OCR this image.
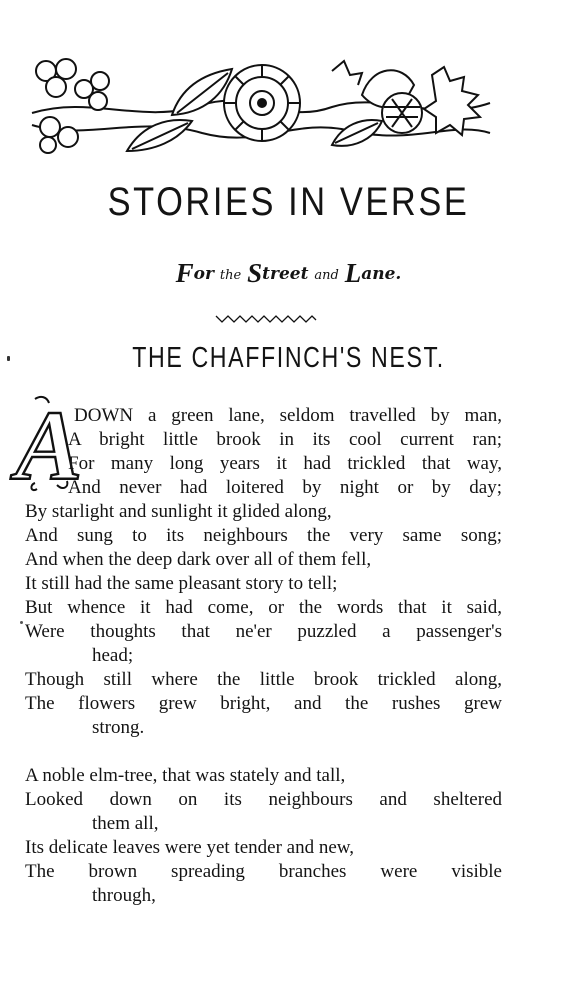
STORIES IN VERSE

For the Street and Lane.

THE CHAFFINCH'S NEST.
A

DOWN a green lane, seldom travelled by man,

A bright little brook in its cool current ran;

For many long years it had trickled that way,

And never had loitered by night or by day;

By starlight and sunlight it glided along,

And sung to its neighbours the very same song;

And when the deep dark over all of them fell,

It still had the same pleasant story to tell;

But whence it had come, or the words that it said,

Were thoughts that ne'er puzzled a passenger's

head;

Though still where the little brook trickled along,

The flowers grew bright, and the rushes grew

strong.

A noble elm-tree, that was stately and tall,

Looked down on its neighbours and sheltered

them all,

Its delicate leaves were yet tender and new,

The brown spreading branches were visible

through,
